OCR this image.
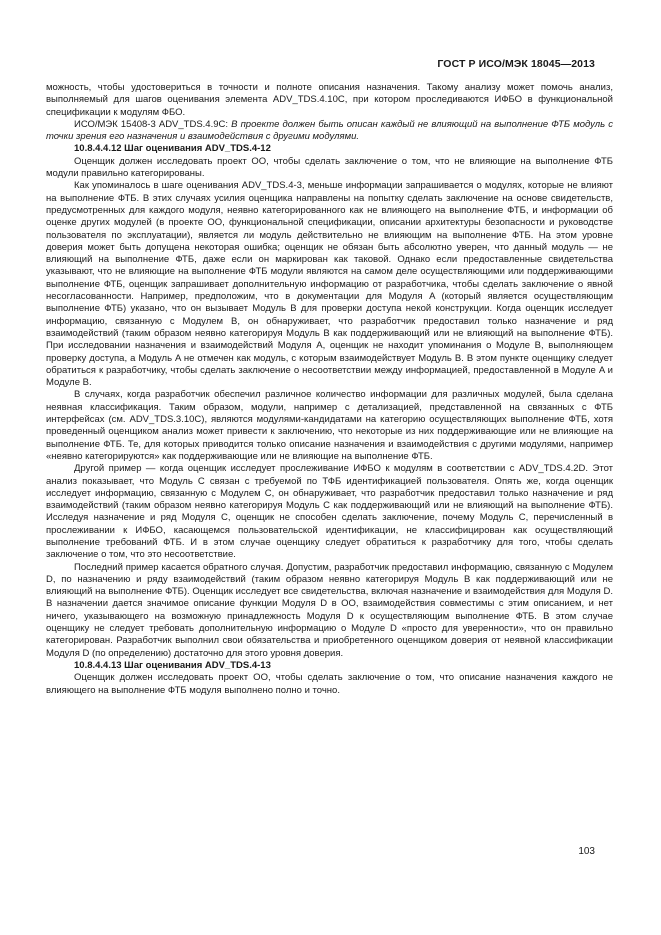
ГОСТ Р ИСО/МЭК 18045—2013

можность, чтобы удостовериться в точности и полноте описания назначения. Такому анализу может помочь анализ, выполняемый для шагов оценивания элемента ADV_TDS.4.10C, при котором проследиваются ИФБО в функциональной спецификации к модулям ФБО.

ИСО/МЭК 15408-3 ADV_TDS.4.9C: В проекте должен быть описан каждый не влияющий на выполнение ФТБ модуль с точки зрения его назначения и взаимодействия с другими модулями.

10.8.4.4.12 Шаг оценивания ADV_TDS.4-12

Оценщик должен исследовать проект ОО, чтобы сделать заключение о том, что не влияющие на выполнение ФТБ модули правильно категорированы.

Как упоминалось в шаге оценивания ADV_TDS.4-3, меньше информации запрашивается о модулях, которые не влияют на выполнение ФТБ. В этих случаях усилия оценщика направлены на попытку сделать заключение на основе свидетельств, предусмотренных для каждого модуля, неявно категорированного как не влияющего на выполнение ФТБ, и информации об оценке других модулей (в проекте ОО, функциональной спецификации, описании архитектуры безопасности и руководстве пользователя по эксплуатации), является ли модуль действительно не влияющим на выполнение ФТБ. На этом уровне доверия может быть допущена некоторая ошибка; оценщик не обязан быть абсолютно уверен, что данный модуль — не влияющий на выполнение ФТБ, даже если он маркирован как таковой. Однако если предоставленные свидетельства указывают, что не влияющие на выполнение ФТБ модули являются на самом деле осуществляющими или поддерживающими выполнение ФТБ, оценщик запрашивает дополнительную информацию от разработчика, чтобы сделать заключение о явной несогласованности. Например, предположим, что в документации для Модуля A (который является осуществляющим выполнение ФТБ) указано, что он вызывает Модуль B для проверки доступа некой конструкции. Когда оценщик исследует информацию, связанную с Модулем B, он обнаруживает, что разработчик предоставил только назначение и ряд взаимодействий (таким образом неявно категорируя Модуль B как поддерживающий или не влияющий на выполнение ФТБ). При исследовании назначения и взаимодействий Модуля A, оценщик не находит упоминания о Модуле B, выполняющем проверку доступа, а Модуль A не отмечен как модуль, с которым взаимодействует Модуль B. В этом пункте оценщику следует обратиться к разработчику, чтобы сделать заключение о несоответствии между информацией, предоставленной в Модуле A и Модуле B.

В случаях, когда разработчик обеспечил различное количество информации для различных модулей, была сделана неявная классификация. Таким образом, модули, например с детализацией, представленной на связанных с ФТБ интерфейсах (см. ADV_TDS.3.10C), являются модулями-кандидатами на категорию осуществляющих выполнение ФТБ, хотя проведенный оценщиком анализ может привести к заключению, что некоторые из них поддерживающие или не влияющие на выполнение ФТБ. Те, для которых приводится только описание назначения и взаимодействия с другими модулями, например «неявно категорируются» как поддерживающие или не влияющие на выполнение ФТБ.

Другой пример — когда оценщик исследует прослеживание ИФБО к модулям в соответствии с ADV_TDS.4.2D. Этот анализ показывает, что Модуль C связан с требуемой по ТФБ идентификацией пользователя. Опять же, когда оценщик исследует информацию, связанную с Модулем C, он обнаруживает, что разработчик предоставил только назначение и ряд взаимодействий (таким образом неявно категорируя Модуль C как поддерживающий или не влияющий на выполнение ФТБ). Исследуя назначение и ряд Модуля C, оценщик не способен сделать заключение, почему Модуль C, перечисленный в прослеживании к ИФБО, касающемся пользовательской идентификации, не классифицирован как осуществляющий выполнение требований ФТБ. И в этом случае оценщику следует обратиться к разработчику для того, чтобы сделать заключение о том, что это несоответствие.

Последний пример касается обратного случая. Допустим, разработчик предоставил информацию, связанную с Модулем D, по назначению и ряду взаимодействий (таким образом неявно категорируя Модуль B как поддерживающий или не влияющий на выполнение ФТБ). Оценщик исследует все свидетельства, включая назначение и взаимодействия для Модуля D. В назначении дается значимое описание функции Модуля D в ОО, взаимодействия совместимы с этим описанием, и нет ничего, указывающего на возможную принадлежность Модуля D к осуществляющим выполнение ФТБ. В этом случае оценщику не следует требовать дополнительную информацию о Модуле D «просто для уверенности», что он правильно категорирован. Разработчик выполнил свои обязательства и приобретенного оценщиком доверия от неявной классификации Модуля D (по определению) достаточно для этого уровня доверия.

10.8.4.4.13 Шаг оценивания ADV_TDS.4-13

Оценщик должен исследовать проект ОО, чтобы сделать заключение о том, что описание назначения каждого не влияющего на выполнение ФТБ модуля выполнено полно и точно.

103
